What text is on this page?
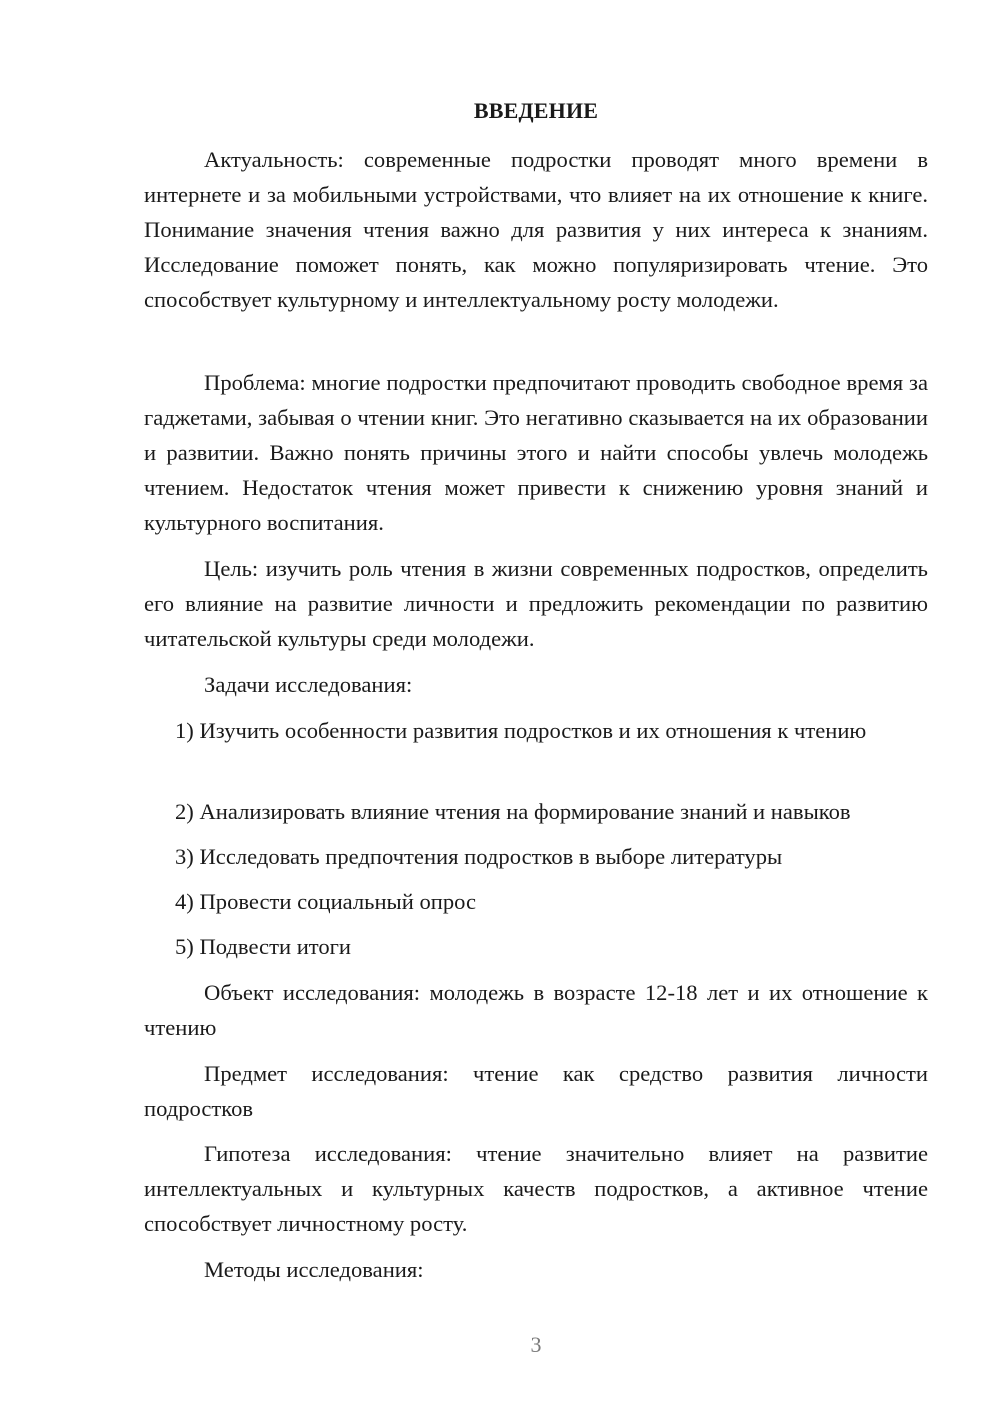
ВВЕДЕНИЕ

Актуальность: современные подростки проводят много времени в интернете и за мобильными устройствами, что влияет на их отношение к книге. Понимание значения чтения важно для развития у них интереса к знаниям. Исследование поможет понять, как можно популяризировать чтение. Это способствует культурному и интеллектуальному росту молодежи.

Проблема: многие подростки предпочитают проводить свободное время за гаджетами, забывая о чтении книг. Это негативно сказывается на их образовании и развитии. Важно понять причины этого и найти способы увлечь молодежь чтением. Недостаток чтения может привести к снижению уровня знаний и культурного воспитания.

Цель: изучить роль чтения в жизни современных подростков, определить его влияние на развитие личности и предложить рекомендации по развитию читательской культуры среди молодежи.

Задачи исследования:

1) Изучить особенности развития подростков и их отношения к чтению

2) Анализировать влияние чтения на формирование знаний и навыков

3) Исследовать предпочтения подростков в выборе литературы

4) Провести социальный опрос

5) Подвести итоги

Объект исследования: молодежь в возрасте 12-18 лет и их отношение к чтению

Предмет исследования: чтение как средство развития личности подростков

Гипотеза исследования: чтение значительно влияет на развитие интеллектуальных и культурных качеств подростков, а активное чтение способствует личностному росту.

Методы исследования:

3
